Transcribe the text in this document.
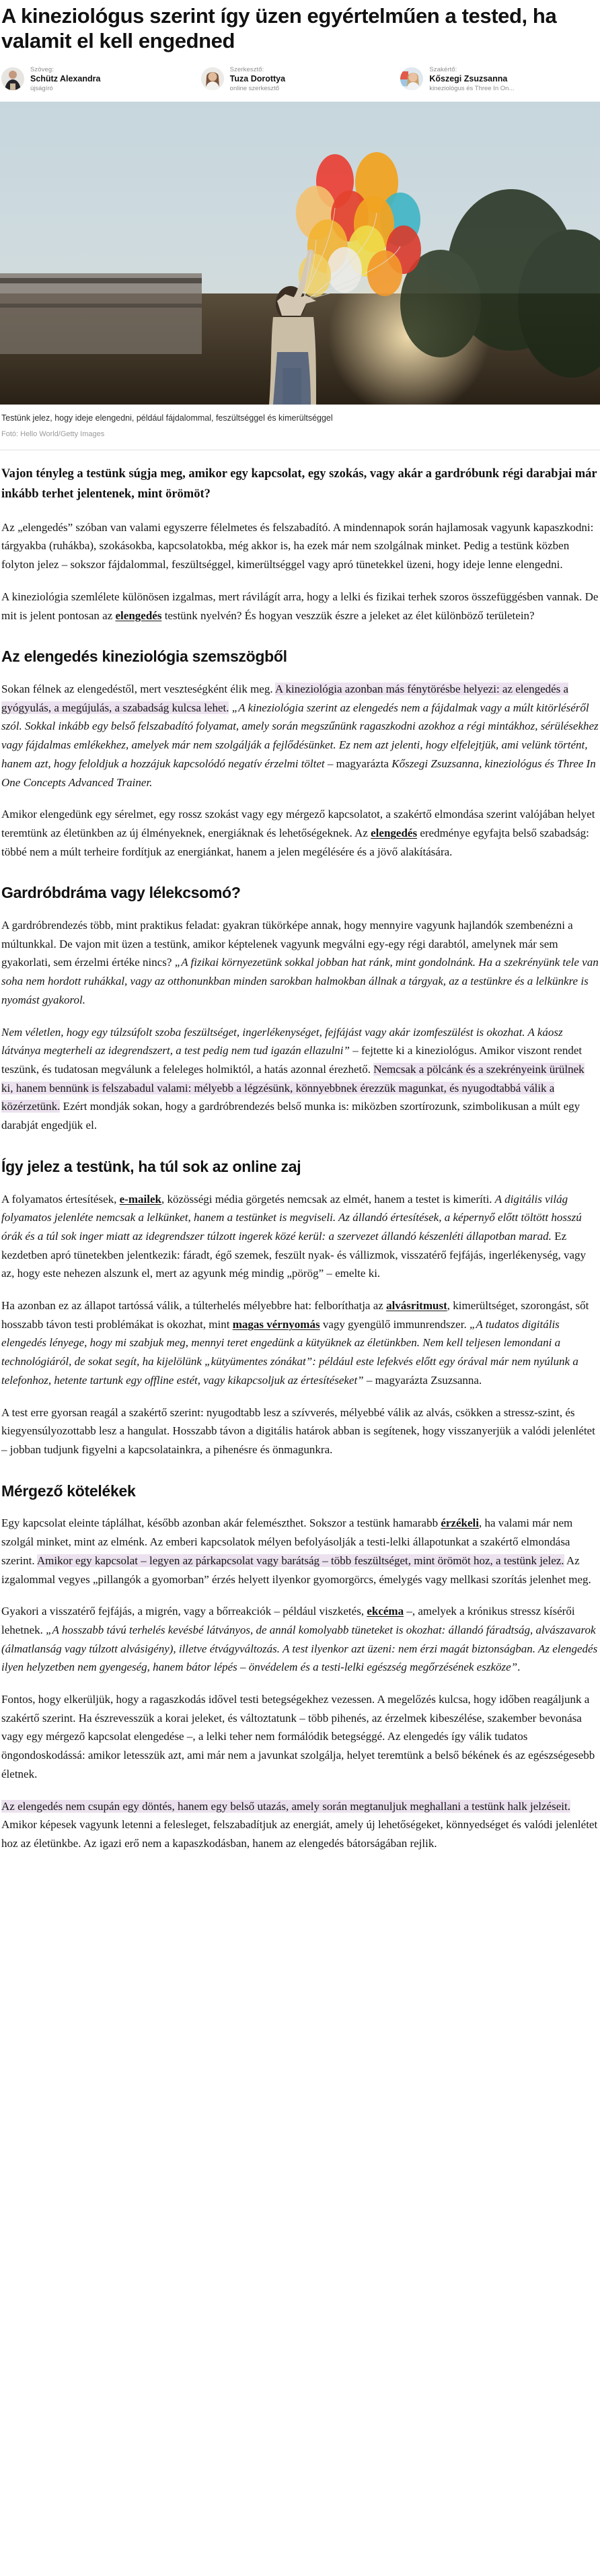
A kineziológus szerint így üzen egyértelműen a tested, ha valamit el kell engedned
Szöveg:
Schütz Alexandra
újságíró
Szerkesztő:
Tuza Dorottya
online szerkesztő
Szakértő:
Kőszegi Zsuzsanna
kineziológus és Three In On...
Testünk jelez, hogy ideje elengedni, például fájdalommal, feszültséggel és kimerültséggel
Fotó: Hello World/Getty Images

Vajon tényleg a testünk súgja meg, amikor egy kapcsolat, egy szokás, vagy akár a gardróbunk régi darabjai már inkább terhet jelentenek, mint örömöt?

Az „elengedés” szóban van valami egyszerre félelmetes és felszabadító. A mindennapok során hajlamosak vagyunk kapaszkodni: tárgyakba (ruhákba), szokásokba, kapcsolatokba, még akkor is, ha ezek már nem szolgálnak minket. Pedig a testünk közben folyton jelez – sokszor fájdalommal, feszültséggel, kimerültséggel vagy apró tünetekkel üzeni, hogy ideje lenne elengedni.

A kineziológia szemlélete különösen izgalmas, mert rávilágít arra, hogy a lelki és fizikai terhek szoros összefüggésben vannak. De mit is jelent pontosan az elengedés testünk nyelvén? És hogyan veszzük észre a jeleket az élet különböző területein?

Az elengedés kineziológia szemszögből

Sokan félnek az elengedéstől, mert veszteségként élik meg. A kineziológia azonban más fénytörésbe helyezi: az elengedés a gyógyulás, a megújulás, a szabadság kulcsa lehet. „A kineziológia szerint az elengedés nem a fájdalmak vagy a múlt kitörléséről szól. Sokkal inkább egy belső felszabadító folyamat, amely során megszűnünk ragaszkodni azokhoz a régi mintákhoz, sérülésekhez vagy fájdalmas emlékekhez, amelyek már nem szolgálják a fejlődésünket. Ez nem azt jelenti, hogy elfelejtjük, ami velünk történt, hanem azt, hogy feloldjuk a hozzájuk kapcsolódó negatív érzelmi töltet – magyarázta Kőszegi Zsuzsanna, kineziológus és Three In One Concepts Advanced Trainer.

Amikor elengedünk egy sérelmet, egy rossz szokást vagy egy mérgező kapcsolatot, a szakértő elmondása szerint valójában helyet teremtünk az életünkben az új élményeknek, energiáknak és lehetőségeknek. Az elengedés eredménye egyfajta belső szabadság: többé nem a múlt terheire fordítjuk az energiánkat, hanem a jelen megélésére és a jövő alakítására.

Gardróbdráma vagy lélekcsomó?

A gardróbrendezés több, mint praktikus feladat: gyakran tükörképe annak, hogy mennyire vagyunk hajlandók szembenézni a múltunkkal. De vajon mit üzen a testünk, amikor képtelenek vagyunk megválni egy-egy régi darabtól, amelynek már sem gyakorlati, sem érzelmi értéke nincs? „A fizikai környezetünk sokkal jobban hat ránk, mint gondolnánk. Ha a szekrényünk tele van soha nem hordott ruhákkal, vagy az otthonunkban minden sarokban halmokban állnak a tárgyak, az a testünkre és a lelkünkre is nyomást gyakorol.

Nem véletlen, hogy egy túlzsúfolt szoba feszültséget, ingerlékenységet, fejfájást vagy akár izomfeszülést is okozhat. A káosz látványa megterheli az idegrendszert, a test pedig nem tud igazán ellazulni” – fejtette ki a kineziológus. Amikor viszont rendet teszünk, és tudatosan megválunk a feleleges holmiktól, a hatás azonnal érezhető. Nemcsak a pölcánk és a szekrényeink ürülnek ki, hanem bennünk is felszabadul valami: mélyebb a légzésünk, könnyebbnek érezzük magunkat, és nyugodtabbá válik a közérzetünk. Ezért mondják sokan, hogy a gardróbrendezés belső munka is: miközben szortírozunk, szimbolikusan a múlt egy darabját engedjük el.

Így jelez a testünk, ha túl sok az online zaj

A folyamatos értesítések, e-mailek, közösségi média görgetés nemcsak az elmét, hanem a testet is kimeríti. A digitális világ folyamatos jelenléte nemcsak a lelkünket, hanem a testünket is megviseli. Az állandó értesítések, a képernyő előtt töltött hosszú órák és a túl sok inger miatt az idegrendszer túlzott ingerek közé kerül: a szervezet állandó készenléti állapotban marad. Ez kezdetben apró tünetekben jelentkezik: fáradt, égő szemek, feszült nyak- és vállizmok, visszatérő fejfájás, ingerlékenység, vagy az, hogy este nehezen alszunk el, mert az agyunk még mindig „pörög” – emelte ki.

Ha azonban ez az állapot tartóssá válik, a túlterhelés mélyebbre hat: felboríthatja az alvásritmust, kimerültséget, szorongást, sőt hosszabb távon testi problémákat is okozhat, mint magas vérnyomás vagy gyengülő immunrendszer. „A tudatos digitális elengedés lényege, hogy mi szabjuk meg, mennyi teret engedünk a kütyüknek az életünkben. Nem kell teljesen lemondani a technológiáról, de sokat segít, ha kijelölünk „kütyümentes zónákat”: például este lefekvés előtt egy órával már nem nyúlunk a telefonhoz, hetente tartunk egy offline estét, vagy kikapcsoljuk az értesítéseket” – magyarázta Zsuzsanna.

A test erre gyorsan reagál a szakértő szerint: nyugodtabb lesz a szívverés, mélyebbé válik az alvás, csökken a stressz-szint, és kiegyensúlyozottabb lesz a hangulat. Hosszabb távon a digitális határok abban is segítenek, hogy visszanyerjük a valódi jelenlétet – jobban tudjunk figyelni a kapcsolatainkra, a pihenésre és önmagunkra.

Mérgező kötelékek

Egy kapcsolat eleinte táplálhat, később azonban akár felemészthet. Sokszor a testünk hamarabb érzékeli, ha valami már nem szolgál minket, mint az elménk. Az emberi kapcsolatok mélyen befolyásolják a testi-lelki állapotunkat a szakértő elmondása szerint. Amikor egy kapcsolat – legyen az párkapcsolat vagy barátság – több feszültséget, mint örömöt hoz, a testünk jelez. Az izgalommal vegyes „pillangók a gyomorban” érzés helyett ilyenkor gyomorgörcs, émelygés vagy mellkasi szorítás jelenhet meg.

Gyakori a visszatérő fejfájás, a migrén, vagy a bőrreakciók – például viszketés, ekcéma –, amelyek a krónikus stressz kísérői lehetnek. „A hosszabb távú terhelés kevésbé látványos, de annál komolyabb tüneteket is okozhat: állandó fáradtság, alvászavarok (álmatlanság vagy túlzott alvásigény), illetve étvágyváltozás. A test ilyenkor azt üzeni: nem érzi magát biztonságban. Az elengedés ilyen helyzetben nem gyengeség, hanem bátor lépés – önvédelem és a testi-lelki egészség megőrzésének eszköze”.

Fontos, hogy elkerüljük, hogy a ragaszkodás idővel testi betegségekhez vezessen. A megelőzés kulcsa, hogy időben reagáljunk a szakértő szerint. Ha észrevesszük a korai jeleket, és változtatunk – több pihenés, az érzelmek kibeszélése, szakember bevonása vagy egy mérgező kapcsolat elengedése –, a lelki teher nem formálódik betegséggé. Az elengedés így válik tudatos öngondoskodássá: amikor letesszük azt, ami már nem a javunkat szolgálja, helyet teremtünk a belső békének és az egészségesebb életnek.

Az elengedés nem csupán egy döntés, hanem egy belső utazás, amely során megtanuljuk meghallani a testünk halk jelzéseit. Amikor képesek vagyunk letenni a felesleget, felszabadítjuk az energiát, amely új lehetőségeket, könnyedséget és valódi jelenlétet hoz az életünkbe. Az igazi erő nem a kapaszkodásban, hanem az elengedés bátorságában rejlik.
